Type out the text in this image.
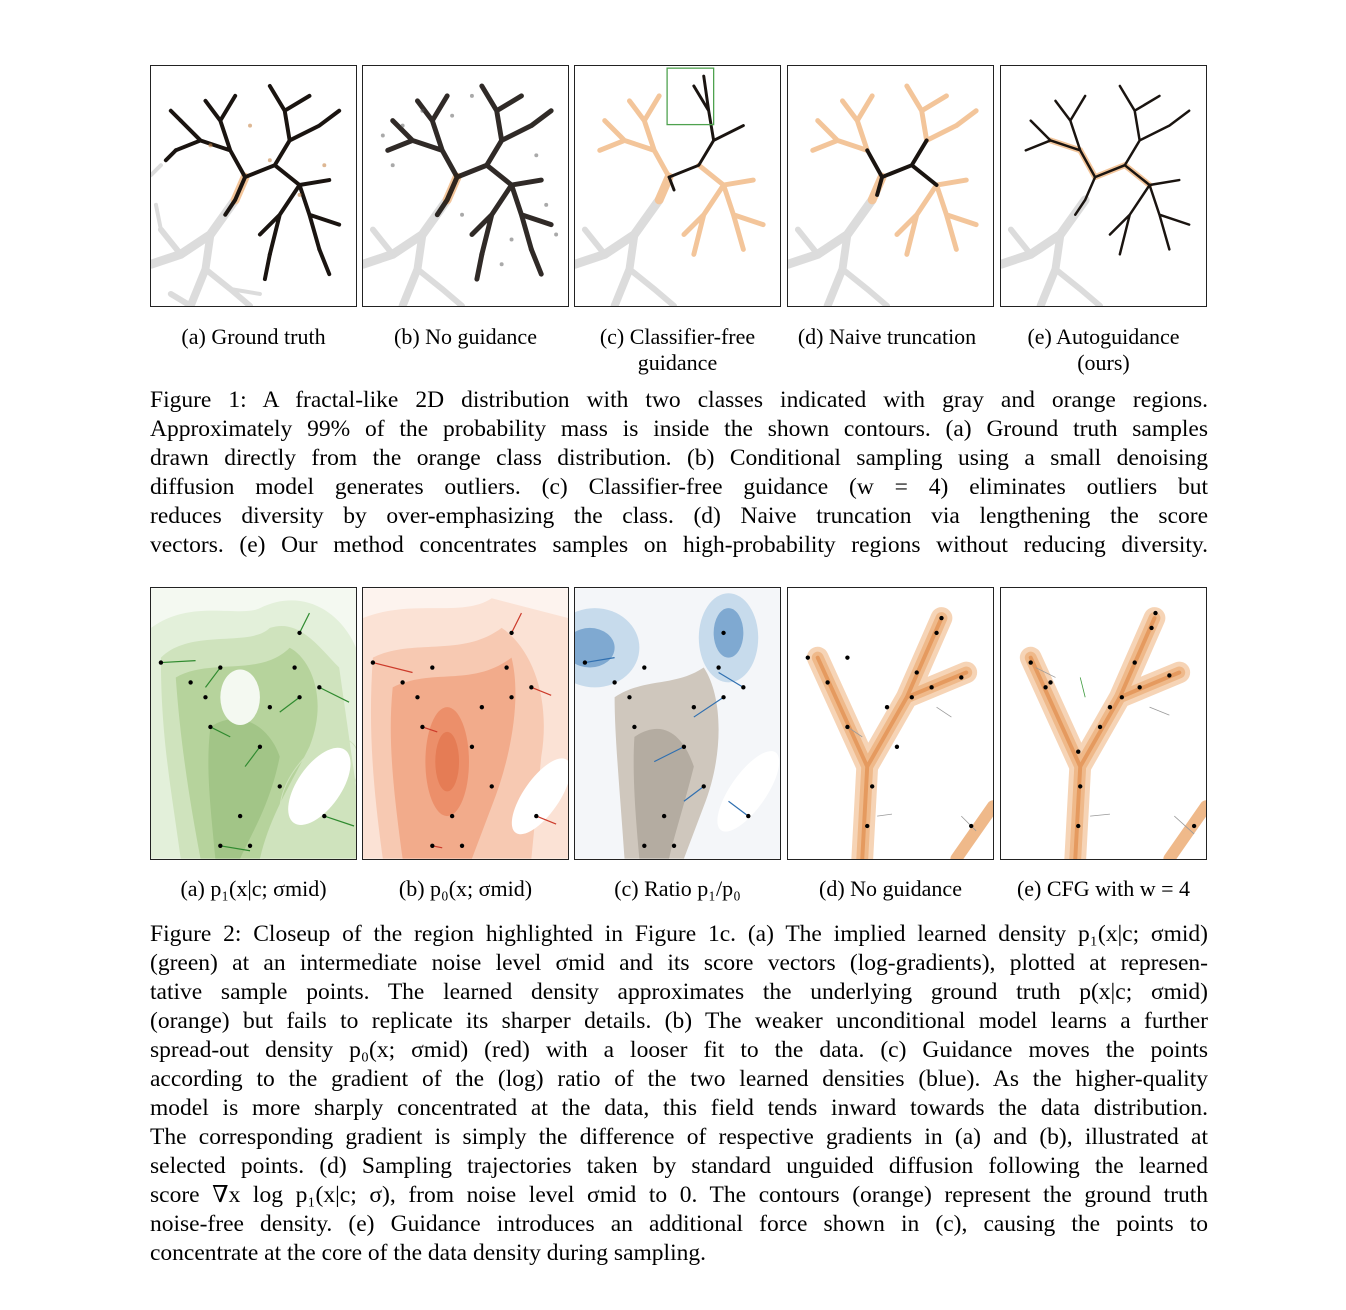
(a) Ground truth	(b) No guidance	(c) Classifier-free
guidance
(d) Naive truncation	(e) Autoguidance
(ours)
Figure 1: A fractal-like 2D distribution with two classes indicated with gray and orange regions.
Approximately 99% of the probability mass is inside the shown contours. (a) Ground truth samples
drawn directly from the orange class distribution. (b) Conditional sampling using a small denoising
diffusion model generates outliers. (c) Classifier-free guidance (w = 4) eliminates outliers but
reduces diversity by over-emphasizing the class. (d) Naive truncation via lengthening the score
vectors. (e) Our method concentrates samples on high-probability regions without reducing diversity.
(a) p₁(x|c; σmid)	(b) p₀(x; σmid)	(c) Ratio p₁/p₀	(d) No guidance	(e) CFG with w = 4
Figure 2: Closeup of the region highlighted in Figure 1c. (a) The implied learned density p₁(x|c; σmid)
(green) at an intermediate noise level σmid and its score vectors (log-gradients), plotted at represen-
tative sample points. The learned density approximates the underlying ground truth p(x|c; σmid)
(orange) but fails to replicate its sharper details. (b) The weaker unconditional model learns a further
spread-out density p₀(x; σmid) (red) with a looser fit to the data. (c) Guidance moves the points
according to the gradient of the (log) ratio of the two learned densities (blue). As the higher-quality
model is more sharply concentrated at the data, this field tends inward towards the data distribution.
The corresponding gradient is simply the difference of respective gradients in (a) and (b), illustrated at
selected points. (d) Sampling trajectories taken by standard unguided diffusion following the learned
score ∇x log p₁(x|c; σ), from noise level σmid to 0. The contours (orange) represent the ground truth
noise-free density. (e) Guidance introduces an additional force shown in (c), causing the points to
concentrate at the core of the data density during sampling.
